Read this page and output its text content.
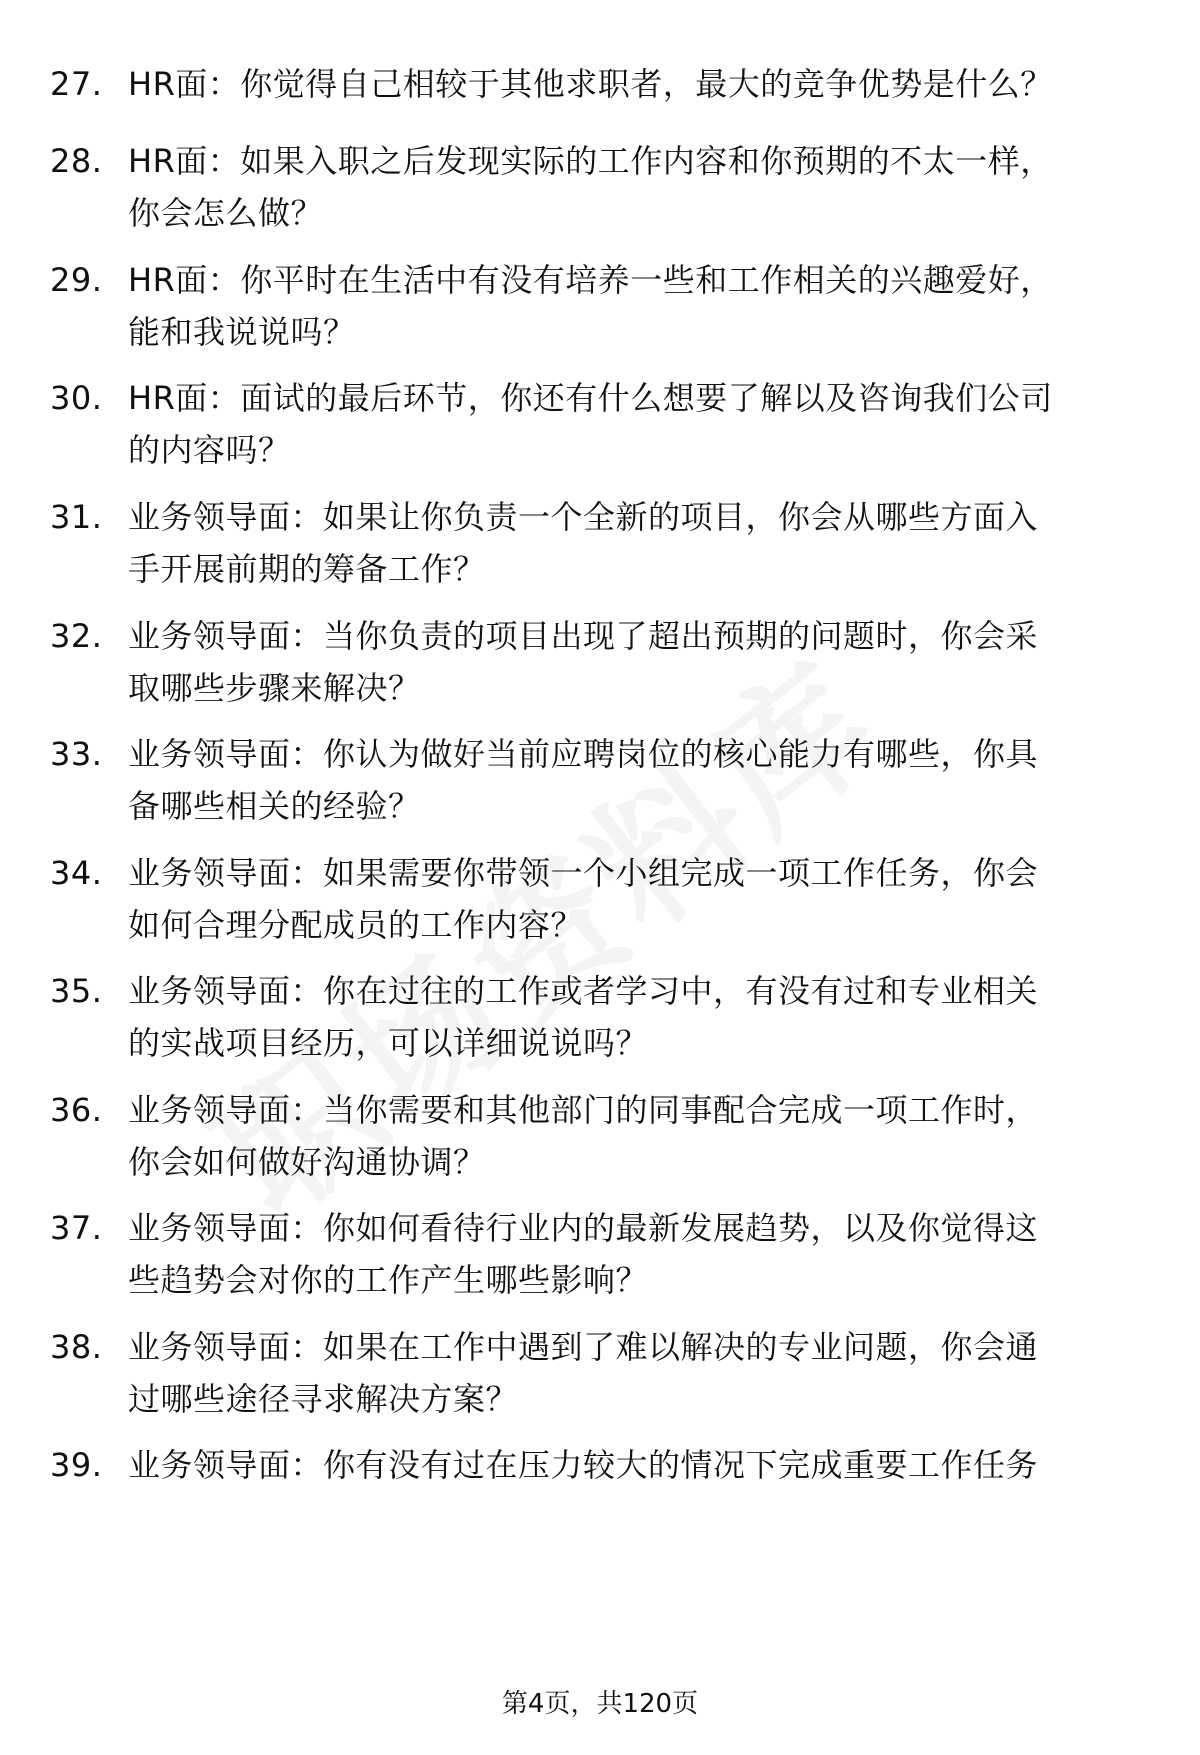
27. HR面：你觉得自己相较于其他求职者，最大的竞争优势是什么？
28. HR面：如果入职之后发现实际的工作内容和你预期的不太一样，
你会怎么做？
29. HR面：你平时在生活中有没有培养一些和工作相关的兴趣爱好，
能和我说说吗？
30. HR面：面试的最后环节，你还有什么想要了解以及咨询我们公司
的内容吗？
31. 业务领导面：如果让你负责一个全新的项目，你会从哪些方面入
手开展前期的筹备工作？
32. 业务领导面：当你负责的项目出现了超出预期的问题时，你会采
取哪些步骤来解决？
33. 业务领导面：你认为做好当前应聘岗位的核心能力有哪些，你具
备哪些相关的经验？
34. 业务领导面：如果需要你带领一个小组完成一项工作任务，你会
如何合理分配成员的工作内容？
35. 业务领导面：你在过往的工作或者学习中，有没有过和专业相关
的实战项目经历，可以详细说说吗？
36. 业务领导面：当你需要和其他部门的同事配合完成一项工作时，
你会如何做好沟通协调？
37. 业务领导面：你如何看待行业内的最新发展趋势，以及你觉得这
些趋势会对你的工作产生哪些影响？
38. 业务领导面：如果在工作中遇到了难以解决的专业问题，你会通
过哪些途径寻求解决方案？
39. 业务领导面：你有没有过在压力较大的情况下完成重要工作任务
第4页，共120页
